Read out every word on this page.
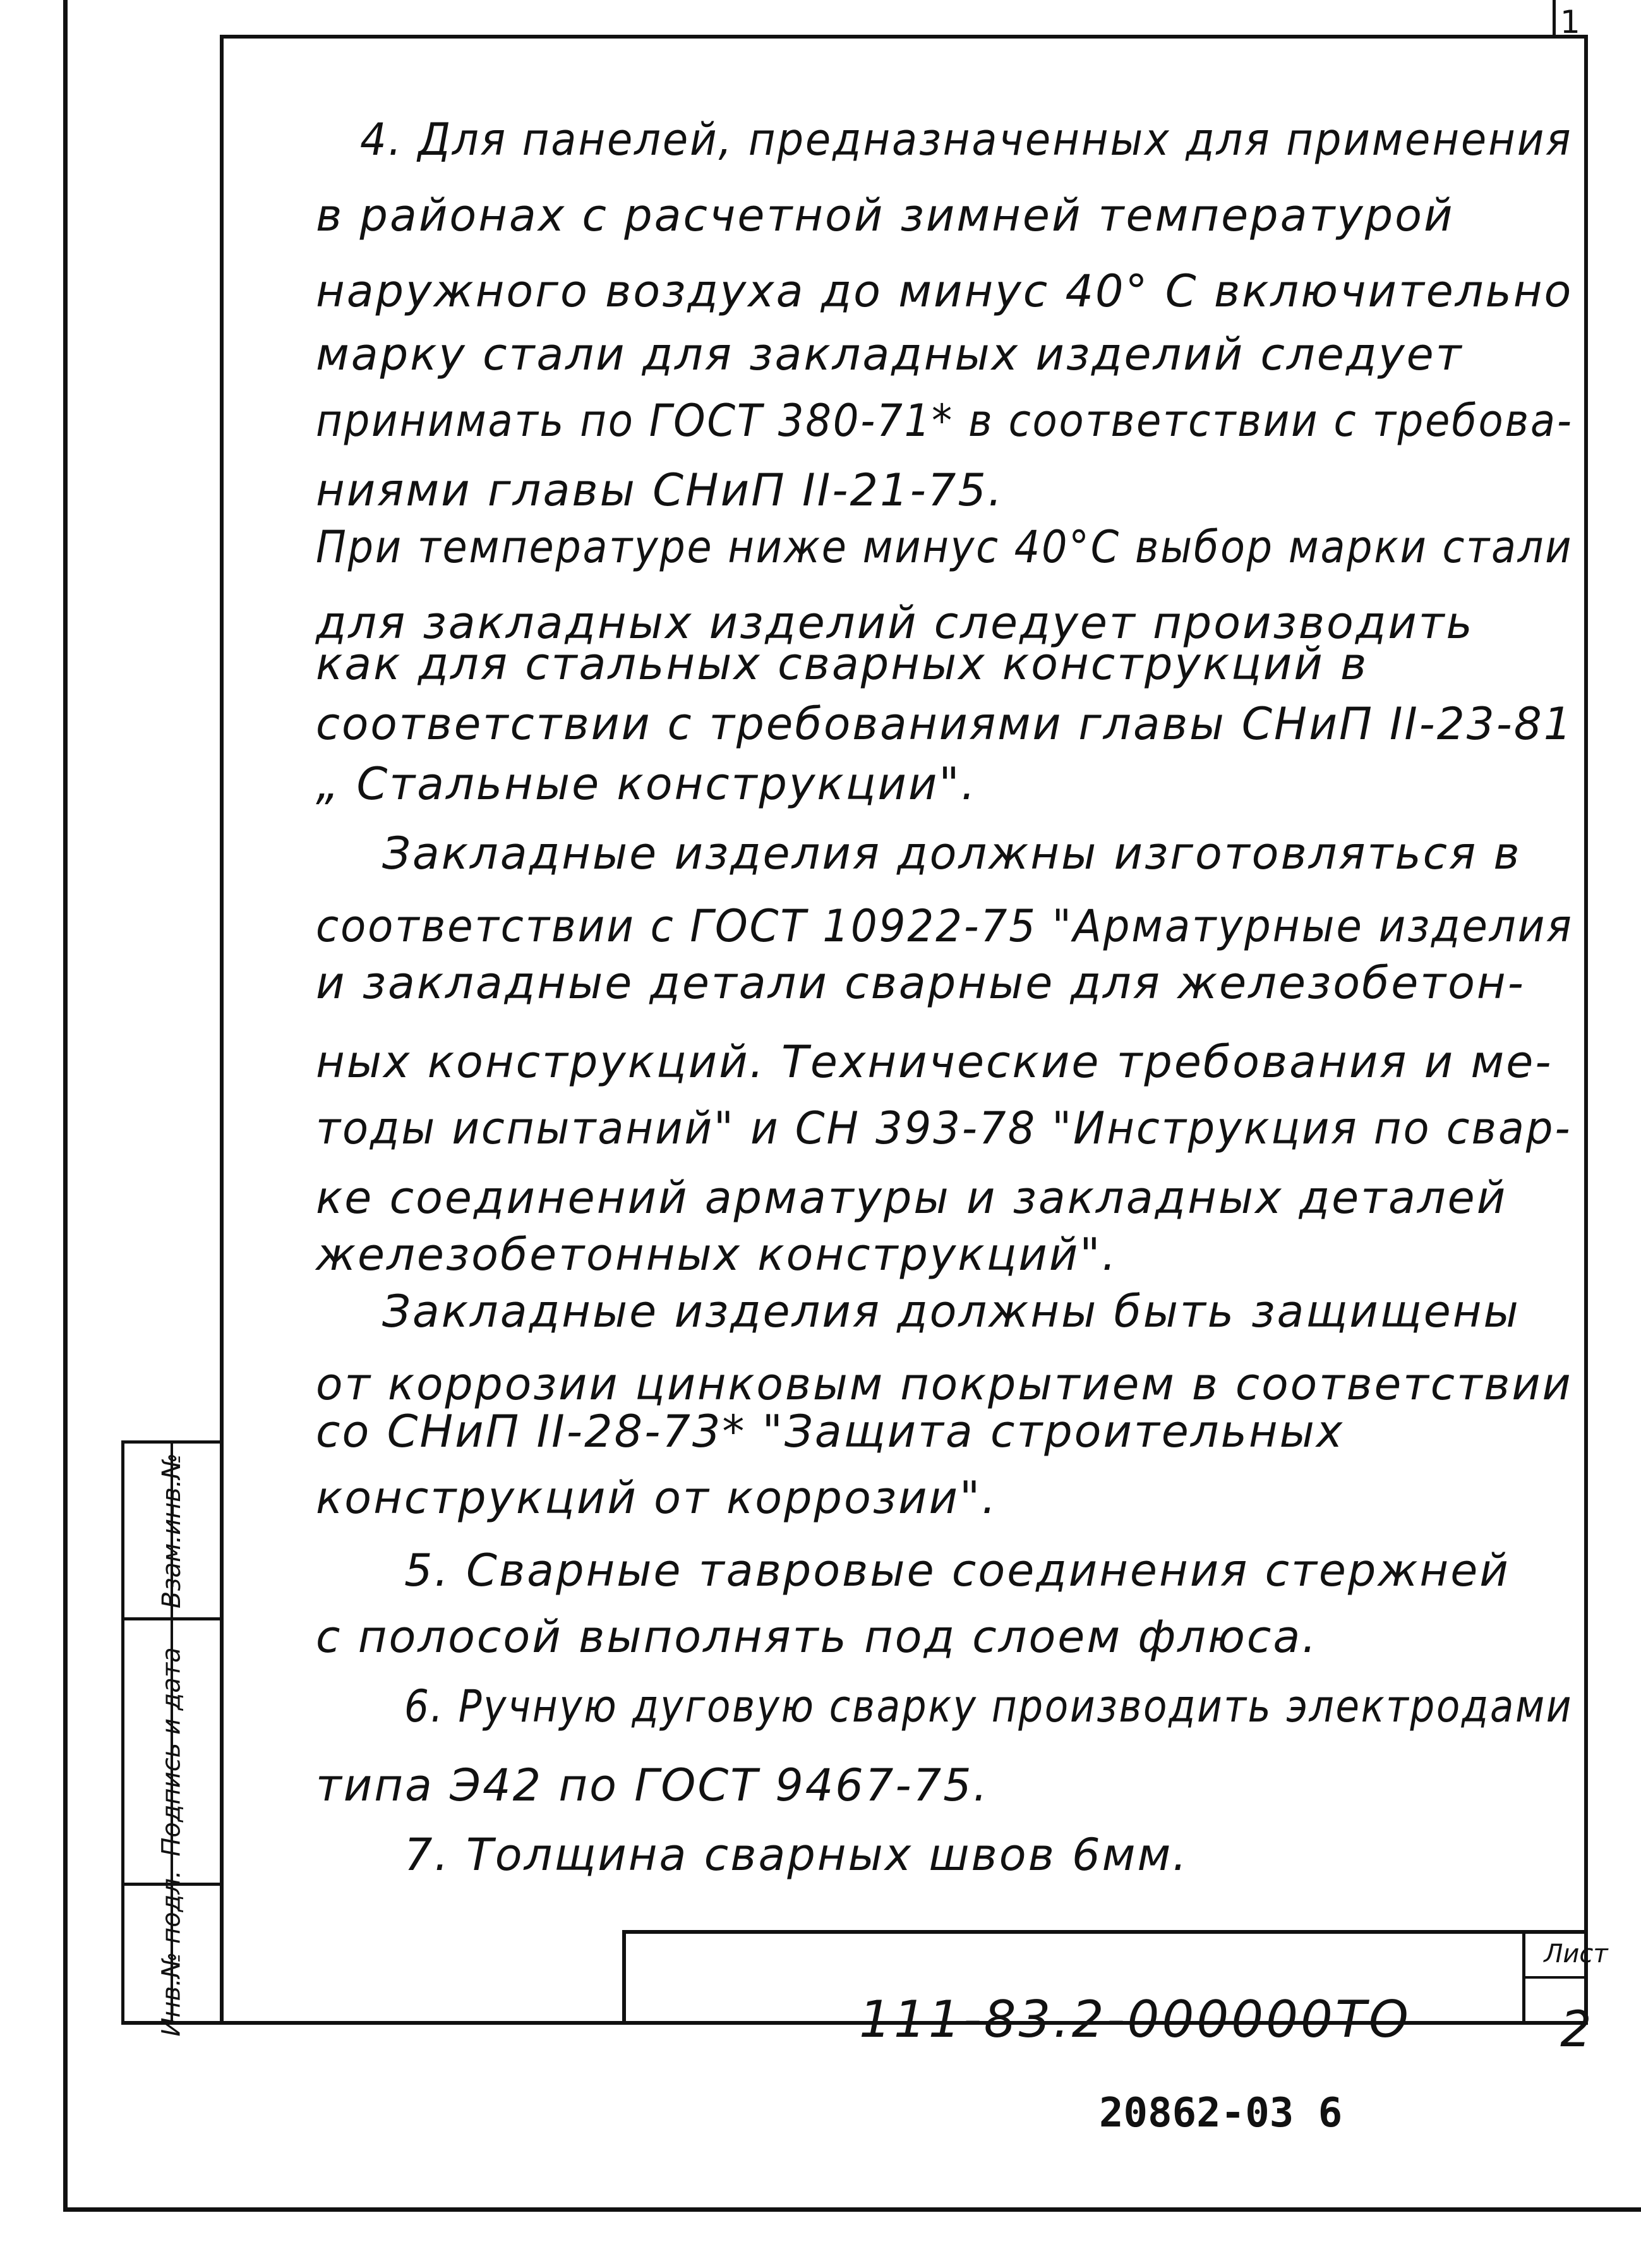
Взам.инв.№
Подпись и дата
Инв.№ подл.	111-83.2-000000ТО
Лист
2
20862-03 6
1
4. Для панелей, предназначенных для применения
в районах с расчетной зимней температурой
наружного воздуха до минус 40° С включительно
марку стали для закладных изделий следует
принимать по ГОСТ 380-71* в соответствии с требова-
ниями главы СНиП II-21-75.
При температуре ниже минус 40°С выбор марки стали
для закладных изделий следует производить
как для стальных сварных конструкций в
соответствии с требованиями главы СНиП II-23-81
„ Стальные конструкции".
Закладные изделия должны изготовляться в
соответствии с ГОСТ 10922-75 "Арматурные изделия
и закладные детали сварные для железобетон-
ных конструкций. Технические требования и ме-
тоды испытаний" и СН 393-78 "Инструкция по свар-
ке соединений арматуры и закладных деталей
железобетонных конструкций".
Закладные изделия должны быть защищены
от коррозии цинковым покрытием в соответствии
со СНиП II-28-73* "Защита строительных
конструкций от коррозии".
5. Сварные тавровые соединения стержней
с полосой выполнять под слоем флюса.
6. Ручную дуговую сварку производить электродами
типа Э42 по ГОСТ 9467-75.
7. Толщина сварных швов 6мм.
